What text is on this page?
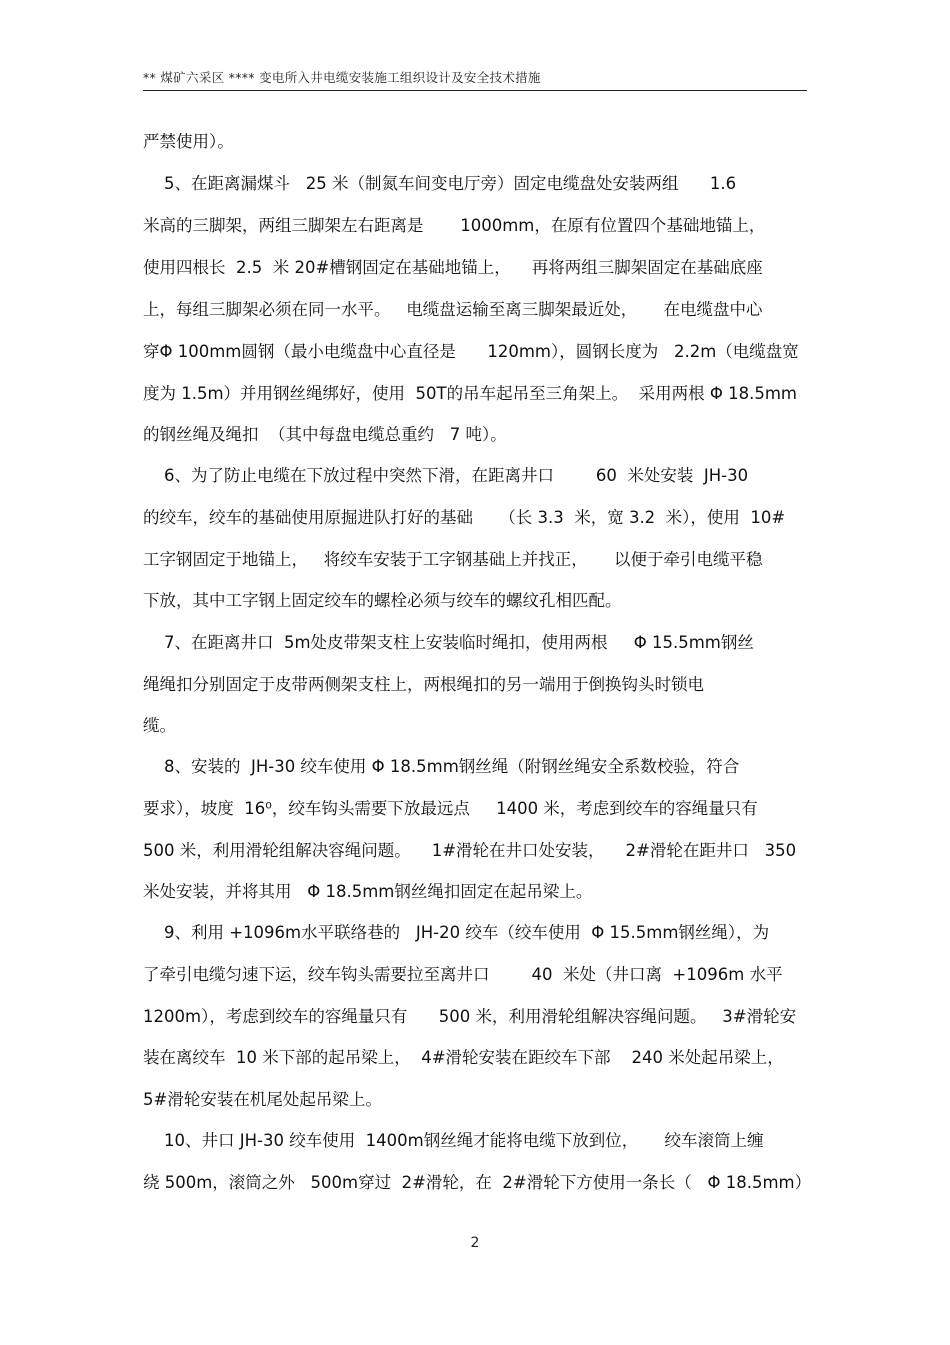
** 煤矿六采区 **** 变电所入井电缆安装施工组织设计及安全技术措施
严禁使用）。
5、在距离漏煤斗   25 米（制氮车间变电厅旁）固定电缆盘处安装两组      1.6
米高的三脚架，两组三脚架左右距离是       1000mm，在原有位置四个基础地锚上，
使用四根长  2.5  米 20#槽钢固定在基础地锚上，    再将两组三脚架固定在基础底座
上，每组三脚架必须在同一水平。   电缆盘运输至离三脚架最近处，     在电缆盘中心
穿Φ 100mm圆钢（最小电缆盘中心直径是      120mm），圆钢长度为   2.2m（电缆盘宽
度为 1.5m）并用钢丝绳绑好，使用  50T的吊车起吊至三角架上。  采用两根 Φ 18.5mm
的钢丝绳及绳扣  （其中每盘电缆总重约   7 吨）。
6、为了防止电缆在下放过程中突然下滑，在距离井口        60  米处安装  JH-30
的绞车，绞车的基础使用原掘进队打好的基础     （长 3.3  米，宽 3.2  米），使用  10#
工字钢固定于地锚上，   将绞车安装于工字钢基础上并找正，     以便于牵引电缆平稳
下放，其中工字钢上固定绞车的螺栓必须与绞车的螺纹孔相匹配。
7、在距离井口  5m处皮带架支柱上安装临时绳扣，使用两根     Φ 15.5mm钢丝
绳绳扣分别固定于皮带两侧架支柱上，两根绳扣的另一端用于倒换钩头时锁电
缆。
8、安装的  JH-30 绞车使用 Φ 18.5mm钢丝绳（附钢丝绳安全系数校验，符合
要求），坡度  16⁰，绞车钩头需要下放最远点     1400 米，考虑到绞车的容绳量只有
500 米，利用滑轮组解决容绳问题。    1#滑轮在井口处安装，    2#滑轮在距井口   350
米处安装，并将其用   Φ 18.5mm钢丝绳扣固定在起吊梁上。
9、利用 +1096m水平联络巷的   JH-20 绞车（绞车使用  Φ 15.5mm钢丝绳），为
了牵引电缆匀速下运，绞车钩头需要拉至离井口        40  米处（井口离  +1096m 水平
1200m），考虑到绞车的容绳量只有      500 米，利用滑轮组解决容绳问题。   3#滑轮安
装在离绞车  10 米下部的起吊梁上，  4#滑轮安装在距绞车下部    240 米处起吊梁上，
5#滑轮安装在机尾处起吊梁上。
10、井口 JH-30 绞车使用  1400m钢丝绳才能将电缆下放到位，     绞车滚筒上缠
绕 500m，滚筒之外   500m穿过  2#滑轮，在  2#滑轮下方使用一条长（   Φ 18.5mm）
2
